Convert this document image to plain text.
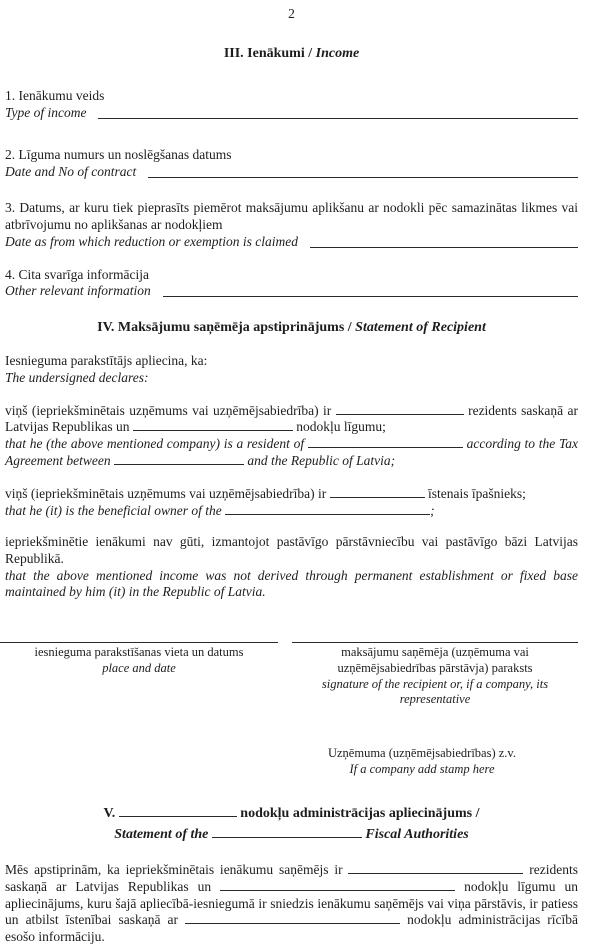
2
III. Ienākumi / Income
1. Ienākumu veids
Type of income
2. Līguma numurs un noslēgšanas datums
Date and No of contract
3. Datums, ar kuru tiek pieprasīts piemērot maksājumu aplikšanu ar nodokli pēc samazinātas likmes vai atbrīvojumu no aplikšanas ar nodokļiem
Date as from which reduction or exemption is claimed
4. Cita svarīga informācija
Other relevant information
IV. Maksājumu saņēmēja apstiprinājums / Statement of Recipient
Iesnieguma parakstītājs apliecina, ka:
The undersigned declares:
viņš (iepriekšminētais uzņēmums vai uzņēmējsabiedrība) ir	rezidents saskaņā ar Latvijas Republikas un	nodokļu līgumu;
that he (the above mentioned company) is a resident of	according to the Tax Agreement between	and the Republic of Latvia;
viņš (iepriekšminētais uzņēmums vai uzņēmējsabiedrība) ir	īstenais īpašnieks;
that he (it) is the beneficial owner of the	;
iepriekšminētie ienākumi nav gūti, izmantojot pastāvīgo pārstāvniecību vai pastāvīgo bāzi Latvijas Republikā.
that the above mentioned income was not derived through permanent establishment or fixed base maintained by him (it) in the Republic of Latvia.
iesnieguma parakstīšanas vieta un datums
place and date
maksājumu saņēmēja (uzņēmuma vai uzņēmējsabiedrības pārstāvja) paraksts
signature of the recipient or, if a company, its representative
Uzņēmuma (uzņēmējsabiedrības) z.v.
If a company add stamp here
V.	nodokļu administrācijas apliecinājums /
Statement of the	Fiscal Authorities
Mēs apstiprinām, ka iepriekšminētais ienākumu saņēmējs ir	rezidents saskaņā ar Latvijas Republikas un	nodokļu līgumu un apliecinājums, kuru šajā apliecībā-iesniegumā ir sniedzis ienākumu saņēmējs vai viņa pārstāvis, ir patiess un atbilst īstenībai saskaņā ar	nodokļu administrācijas rīcībā esošo informāciju.
